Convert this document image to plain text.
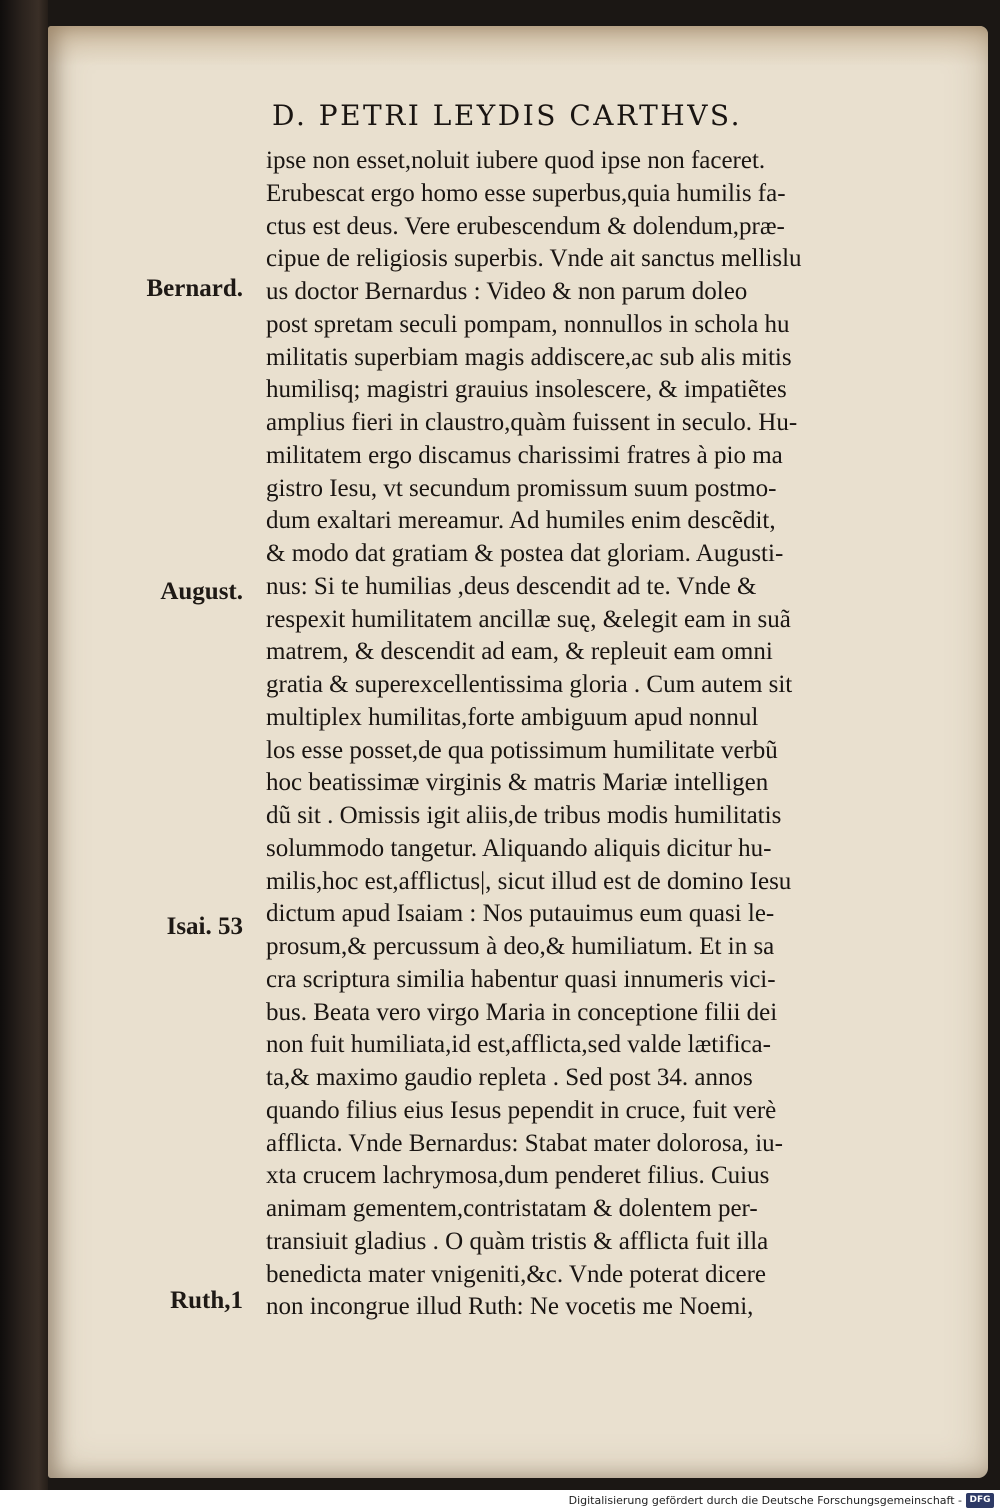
D. PETRI LEYDIS CARTHVS.
Bernard.
August.
Isai. 53
Ruth,1
ipse non esset,noluit iubere quod ipse non faceret.
Erubescat ergo homo esse superbus,quia humilis fa-
ctus est deus. Vere erubescendum & dolendum,præ-
cipue de religiosis superbis. Vnde ait sanctus mellislu
us doctor Bernardus : Video & non parum doleo
post spretam seculi pompam, nonnullos in schola hu
militatis superbiam magis addiscere,ac sub alis mitis
humilisq; magistri grauius insolescere, & impatiẽtes
amplius fieri in claustro,quàm fuissent in seculo. Hu-
militatem ergo discamus charissimi fratres à pio ma
gistro Iesu, vt secundum promissum suum postmo-
dum exaltari mereamur. Ad humiles enim descẽdit,
& modo dat gratiam & postea dat gloriam. Augusti-
nus: Si te humilias ,deus descendit ad te. Vnde &
respexit humilitatem ancillæ suę, &elegit eam in suã
matrem, & descendit ad eam, & repleuit eam omni
gratia & superexcellentissima gloria . Cum autem sit
multiplex humilitas,forte ambiguum apud nonnul
los esse posset,de qua potissimum humilitate verbũ
hoc beatissimæ virginis & matris Mariæ intelligen
dũ sit . Omissis igit aliis,de tribus modis humilitatis
solummodo tangetur. Aliquando aliquis dicitur hu-
milis,hoc est,afflictus|, sicut illud est de domino Iesu
dictum apud Isaiam : Nos putauimus eum quasi le-
prosum,& percussum à deo,& humiliatum. Et in sa
cra scriptura similia habentur quasi innumeris vici-
bus. Beata vero virgo Maria in conceptione filii dei
non fuit humiliata,id est,afflicta,sed valde lætifica-
ta,& maximo gaudio repleta . Sed post 34. annos
quando filius eius Iesus pependit in cruce, fuit verè
afflicta. Vnde Bernardus: Stabat mater dolorosa, iu-
xta crucem lachrymosa,dum penderet filius. Cuius
animam gementem,contristatam & dolentem per-
transiuit gladius . O quàm tristis & afflicta fuit illa
benedicta mater vnigeniti,&c. Vnde poterat dicere
non incongrue illud Ruth: Ne vocetis me Noemi,
Digitalisierung gefördert durch die Deutsche Forschungsgemeinschaft - DFG
